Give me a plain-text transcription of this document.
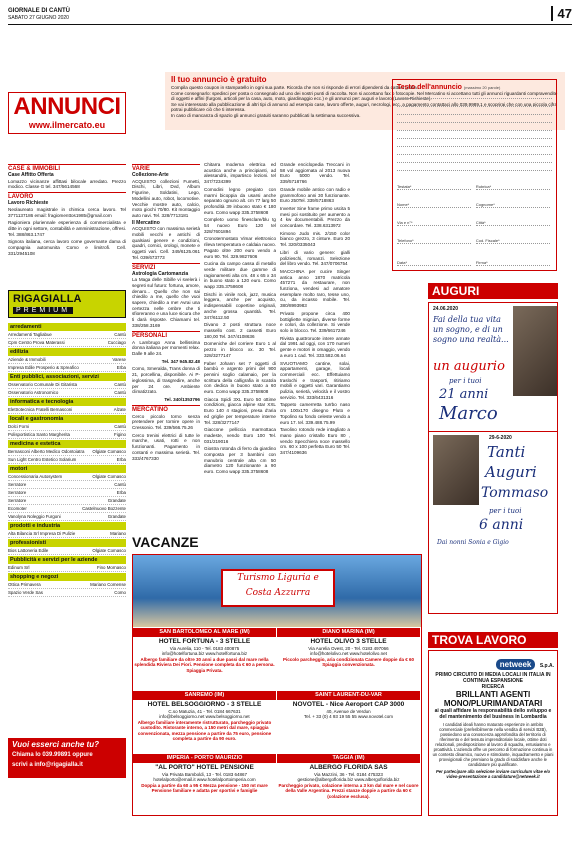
GIORNALE DI CANTÙ
SABATO 27 GIUGNO 2020	47
ANNUNCI
www.ilmercato.eu
Il tuo annuncio è gratuito

Compila questo coupon in stampatello in ogni sua parte. Ricorda che non si risponde di errori dipendenti da cattiva grafia.

Come consegnarlo: spedisci per posta o consegnalo ad uno dei nostri punti di raccolta. Non si accettano fax o fotocopie. Nel Mercatino si accettano tutti gli annunci riguardanti compravendite di oggetti e affini (furgoni, articoli per la casa, auto, moto, giardinaggio ecc.) e gli annunci per: auguri e lavoro (Lavoro Richieste).

Se vai interessato alla pubblicazione di altri tipi di annunci ad esempio case, lavoro offerte, auguri, necrologi, ecc. a pagamento contattaci allo 039.9989.1 e scoprirai che con una piccola cifra potrai pubblicare ciò che ti interessa.

In caso di mancanza di spazio gli annunci gratuiti saranno pubblicati la settimana successiva.

Testo dell'annuncio (massimo 20 parole)
Testata*	Rubrica* Nome*	Cognome* Via e n°*	Città* Telefono*	Cod. Fiscale* Data*	Firma*
CASE & IMMOBILI
Case Affitto Offerta

Lomazzo vicinanze affittasi bilocale arredato. Prezzo modico. Classe G tel. 347/5614568

LAVORO
Lavoro Richieste

Neolaureato magistrale in chimica cerca lavoro. Tel 3771137186 email: fragiomenttos1985@gmail.com

Ragioniera pluriennale esperienza di commercialista e ditte in ogni settore, contabilità e amministrazione, offresi. Tel. 388/863.1747

Signora italiana, cerca lavoro come governante dama di compagnia automunita Como e limitrofi. Cell. 331/2945108

RIGAGIALLA
PREMIUM
arredamenti
Arredamenti Tagliabue	Cantù
Cpm Centro Prova Materassi	Cucciago
edilizia
Aziende & Immobili	Varese
Impresa Edile Prosperio & Spreafico	Erba
Enti pubblici, associazioni, servizi
Osservatorio Comunale Di Gitarista	Cantù
Osservatorio Astronomico	Cantù
informatica e tecnologia
Elettrotecnica Fratelli Bernasconi	Alzate
locali e gastronomia
Dolci Forni	Cantù
Polisportistica Santo Margherita	Figino
medicina e estetica
Bernasconi Alberto Medico Odontoiatra Olgiate Comasco
Sun Light Centro Estetico Solarium	Erba
motori
Concessionaria Autosystem	Olgiate Comasco
Serratore	Cantù
Serratore	Erba
Serratore	Grandate
Ecomoter	Castelnuovo Bozzente
Vanolyna Noleggio Furgoni	Grandate
prodotti e industria
Alta Bilancia Srl Impresa Di Pulizie	Mariano
professionisti
Bios Lattoneria Edile	Olgiate Comasco
Pubblicità e servizi per le aziende
Edinum Srl	Fino Mornasco
shopping e negozi
Ottica Primavera	Mariano Comense
Spazio Verde Sas	Como
Vuoi esserci anche tu?
Chiama lo 039.99891 oppure
scrivi a info@rigagialla.it
VARIE
Collezione-Arte

ACQUISTO collezioni Fumetti, Dischi, Libri, Dvd, Album Figurine, Soldatini, Lego, Modellini auto, robot, locomotive. Vecchie mostre auto, calcio, moto giochi 70/80. Kit montaggio auto navi. Tel. 328/7713181

Il Mercatino

ACQUISTO con massima serietà mobili vecchi e antichi di qualsiasi genere e condizioni, quadri, cornici, orologi, monete e oggetti vari. Cell. 349/6125.061 Tel. 039/673773

SERVIZI
Astrologia Cartomanzia

La Maga delle Sibille vi svelerà i segreti sul futuro: fortuna, amore, denaro... Quello che non sai chiedilo a me, quello che vuoi sapere, chiedilo a me! Avrai una certezza nelle ombre che ti sfioreranno e una luce sicura che ti darà risposte. Chiamami tel. 338/258.3169

PERSONALI

A Lambrugo Anna bellissima donna italiana per momenti relax. Dalle 9 alle 24.

Tel. 347 945.82.48

Como, Smeralda, Trans donna di 21, porcellina, disponibile. Ai P-ieglossima, di trasgredire, anche per 24 ore. Ambiente climatizzato.

Tel. 340/1353796

MERCATINO

Cerco piccolo torno senza pretendere per tornire opere in Cressonio. Tel. 339/566.75.26

Cerco trenini elettrici di tutte le marche, usati, rotti e non funzionanti. Pagamento in contanti e massima serietà. Tel. 333/4767330

Chitarra moderna elettrica ed acustica anche a principianti, ad alessandrà, impartisco lezioni. tel 347/7234399

Comodini legno pregiato con marmi bicoppia da usarsi anche separato ognuno alt. cm 77 larg 50 profondità 39 inbuono stato € 180 euro. Como wapp 335.3758608

Completo uomo finesclare/blu tg 54 nuovo Euro 120 tel 328/7601894

Cronotermostato Vimar elettronico rileva temperatura e caldaia nuovo. Pagato oltre 200 euro vendo a euro 90. Tel. 329.9827606

Cucina da campo cassa di metallo verde militare due gamme di ragionamenti alta cm. 48 x 65 x 34 in buono stato a 120 euro. Como wapp 335.3758608

Dischi in vinile rock, jazz, musica leggera, anche per acquisto, indispensabili copertine originali, anche grossa quantità. Tel. 347/6112.50

Divano 2 posti struttura noce massello cost. 2 cassetti Euro 180,00 Tel. 347/4108636

Domeniche del corriere Euro 1 al pezzo in blocco xx. 30 Tel. 328/3277147

Faber Johann set 7 oggetti di bambù e argento primi del 900 pennini soglio calamaio, per la scrittura della calligrafia in scatola con dedica in buono stato a 60 euro. Como wapp 335.3758608

Giacca Spidi 3XL Euro 50 ottime condizioni, giacca alpine star XXL Euro 140 4 stagioni, presa d'aria ed griglie per temperature interne Tel. 328/3277147

Giaccone pelliccia marmottaca madeste, vendo Euro 100 Tel. 031/219016

Giostra rotonda di ferro da giardino composta per 3 bambini con manubrio centrale alta cm 50 diametro 120 funzionante a 90 euro. Como wapp 335.3758608

Grande enciclopedia Treccani in 58 vol aggiornata al 2013 nuova Euro 5000 vendo. Tel. 339/5718766

Grande mobile antico con radio e grammofono anni 30 funzionante. Euro 250Tel. 339/5718863

Inverter Sine frame primo uscita 5 mesi poi sostituito per aumento a 4 kw documentabili. Prezzo da concordare. Tel. 338.6313972

Kimono Judo mis. 2/150 color bianco grezzo, 3 cinture. Euro 20 Tel. 320/0335043

Libri di vario genere: gialli polizieschi, romanzi. Selezione del libro vendo. Tel. 347/0706754

MACCHINA per cucire Singer antica anno 1870 matricola 457271 da restaurare, non funziona, vendesi ad amatore esemplare molto raro, tesse uno, cu, da incasso mobile. Tel. 380/8993983

Privato propone circa 400 bottigliette migniun, diverse forme e colori, da collezione. Si vende solo in blocco. Tel. 339/6617246

Rivista quattroruote intere annate dal 1991 ad oggi, con 170 numeri gente e motori in omaggio, vendo a euro 1 cad. Tel. 333.582.06.64

SVUOTIAMO cantine, solai, appartamenti, garage, locali commerciali ecc. Effettuiamo traslochi e trasporti, ritiriamo mobili e oggetti vari. Garantiamo pulizia, serietà, velocità e il vostro servizio. Tel. 333/6431316

Tappeto camerretta turrbo naso cm 100x170 disegno Pluto e Topolino su fondo celeste vendo a euro 17. tel. 339.488.75.99

Tavolino rotondo rede intagliato a mano piano cristallo Euro 80 , vendo Specchiera noce massello cm. 60 x 100 perfetta Euro 50 Tel. 347/4109636

AUGURI
24.06.2020
Fai della tua vita un sogno, e di un sogno una realtà...
un augurio
per i tuoi
21 anni
Marco
29-6-2020
Tanti
Auguri
Tommaso
per i tuoi
6 anni
Dai nonni Sonia e Gigio
VACANZE
Turismo Liguria e Costa Azzurra
SAN BARTOLOMEO AL MARE (IM)
HOTEL FORTUNA - 3 STELLE
Via Aurelia, 110 - Tel. 0183 400875
info@hotelfortuna.biz www.hotelfortuna.biz
Albergo familiare da oltre 30 anni a due passi dal mare nella splendida Riviera Dei Fiori. Pensione completa da € 60 a persona. Spiaggia Privata.
DIANO MARINA (IM)
HOTEL OLIVO 3 STELLE
Via Aurelia Ovest, 20 - Tel. 0183 497066
info@hotelolivo.net www.hotelolivo.net
Piccolo parcheggio, aria condizionata Camere doppie da € 60 Spiaggia convenzionata.
SANREMO (IM)
HOTEL BELSOGGIORNO - 3 STELLE
C.so Matuzia, 41 - Tel. 0184 667631
info@belsoggiorno.net www.belsoggiorno.net
Albergo familiare interamente ristrutturato, parcheggio privato custodito. Ristorante interno, a 150 metri dal mare, spiaggia convenzionata, mezza pensione a partire da 75 euro, pensione completa a partire da 90 euro.
SAINT LAURENT-DU-VAR
NOVOTEL - Nice Aeroport CAP 3000
40, Avenue de Verdun
Tel. + 33 (0) 4 93 19 55 55 www.novotel.com
IMPERIA - PORTO MAURIZIO
"AL PORTO" HOTEL PENSIONE
Via Privata Bamboldi, 13 - Tel. 0183 64867
hotelalporto@email.it www.hotelalportoimperia.com
Doppia a partire da 60 a 95 € Mezza pensione - 150 mt mare Pensione familiare e adatta per sportivi e famiglie
TAGGIA (IM)
ALBERGO FLORIDA SAS
Via Mazzini, 36 - Tel. 0184 475323
gestione@albergoflorida.biz www.albergoflorida.biz
Parcheggio privato, colazione interna a 3 km dal mare e nel cuore della Valle Argentina. Prezzi stanze doppie a partire da 60 € (colazione esclusa).
TROVA LAVORO
netweek S.p.A.
PRIMO CIRCUITO DI MEDIA LOCALI IN ITALIA IN CONTINUA ESPANSIONE
RICERCA
BRILLANTI AGENTI MONO/PLURIMANDATARI
ai quali affidare la responsabilità dello sviluppo e del mantenimento del business in Lombardia
I candidati ideali hanno maturato esperienze in ambito commerciale (preferibilmente nella vendita di servizi B2B), possiedono una conoscenza approfondita del territorio di riferimento e del tessuto imprenditoriale locale, ottime doti relazionali, predisposizione al lavoro di squadra, entusiasmo e proattività. L'azienda offre un percorso di formazione continua in un contesto dinamico, nuovo e stimolante, inquadramento e piani provvigionali che premiano la grado di soddisfare anche le candidature più qualificate.
Per partecipare alla selezione inviare curriculum vitae e/o video-presentazione a candidature@netweek.it
